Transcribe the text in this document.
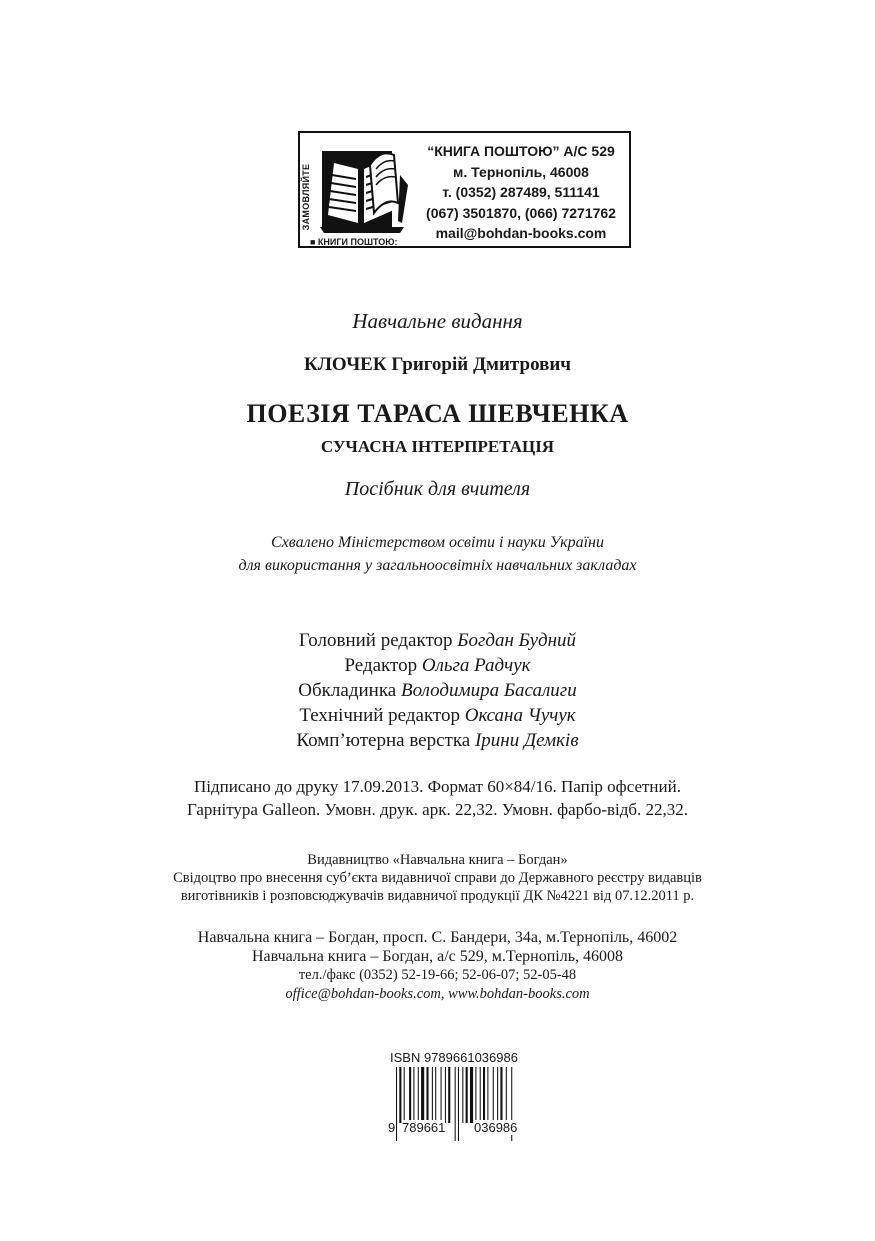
ЗАМОВЛЯЙТЕ
■ КНИГИ ПОШТОЮ:
“КНИГА ПОШТОЮ” А/С 529
м. Тернопіль, 46008
т. (0352) 287489, 511141
(067) 3501870, (066) 7271762
mail@bohdan-books.com
Навчальне видання
КЛОЧЕК Григорій Дмитрович
ПОЕЗІЯ ТАРАСА ШЕВЧЕНКА
СУЧАСНА ІНТЕРПРЕТАЦІЯ
Посібник для вчителя
Схвалено Міністерством освіти і науки України
для використання у загальноосвітніх навчальних закладах
Головний редактор Богдан Будний
Редактор Ольга Радчук
Обкладинка Володимира Басалиги
Технічний редактор Оксана Чучук
Комп’ютерна верстка Ірини Демків
Підписано до друку 17.09.2013. Формат 60×84/16. Папір офсетний.
Гарнітура Galleon. Умовн. друк. арк. 22,32. Умовн. фарбо-відб. 22,32.
Видавництво «Навчальна книга – Богдан»
Свідоцтво про внесення суб’єкта видавничої справи до Державного реєстру видавців
виготівників і розповсюджувачів видавничої продукції ДК №4221 від 07.12.2011 р.
Навчальна книга – Богдан, просп. С. Бандери, 34а, м.Тернопіль, 46002
Навчальна книга – Богдан, а/с 529, м.Тернопіль, 46008
тел./факс (0352) 52-19-66; 52-06-07; 52-05-48
office@bohdan-books.com, www.bohdan-books.com
ISBN 9789661036986
9 789661 036986
